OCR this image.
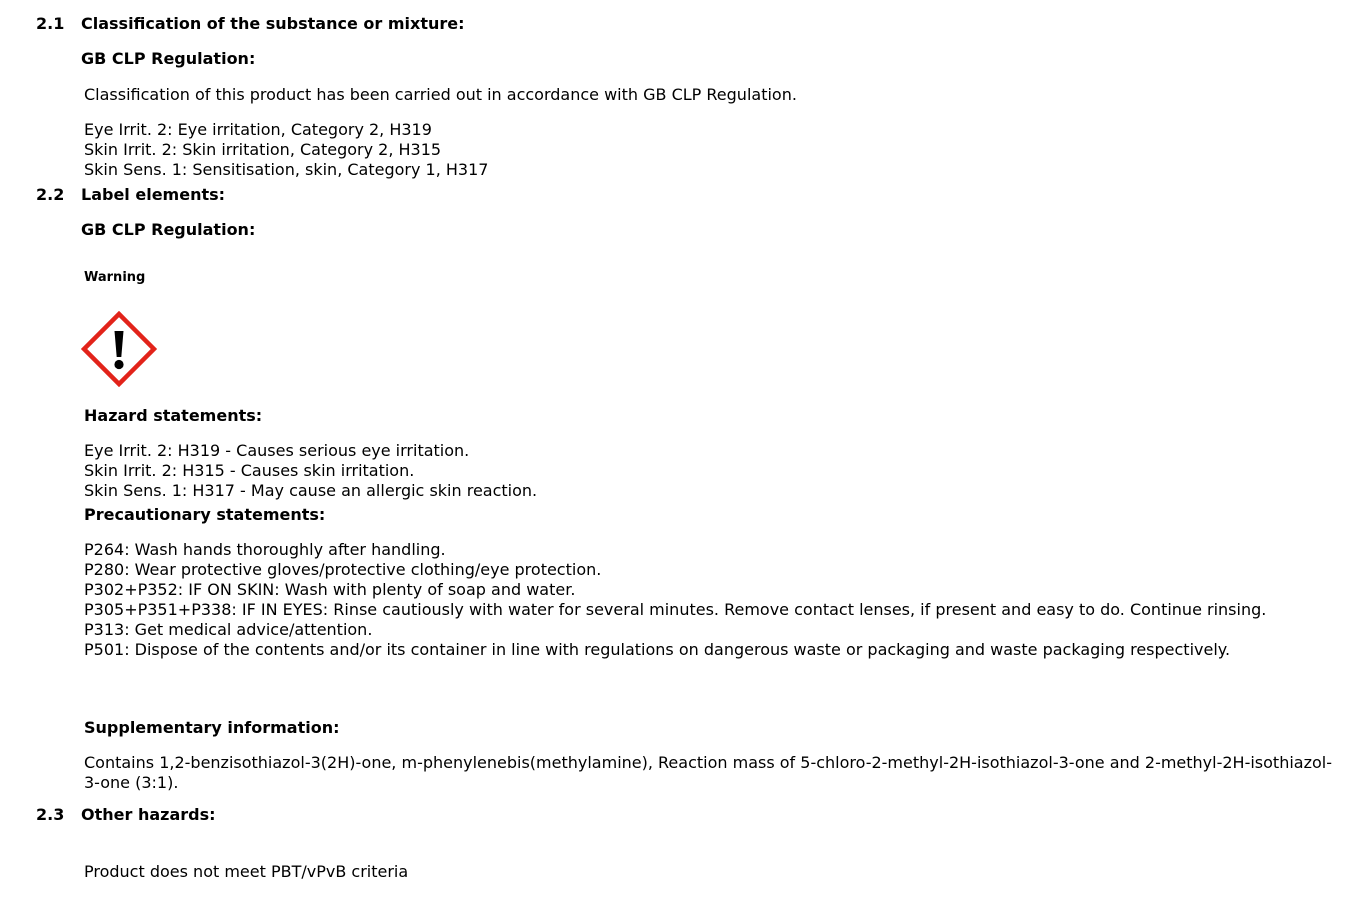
2.1 Classification of the substance or mixture:
GB CLP Regulation:
Classification of this product has been carried out in accordance with GB CLP Regulation.
Eye Irrit. 2: Eye irritation, Category 2, H319
Skin Irrit. 2: Skin irritation, Category 2, H315
Skin Sens. 1: Sensitisation, skin, Category 1, H317
2.2 Label elements:
GB CLP Regulation:
Warning
Hazard statements:
Eye Irrit. 2: H319 - Causes serious eye irritation.
Skin Irrit. 2: H315 - Causes skin irritation.
Skin Sens. 1: H317 - May cause an allergic skin reaction.
Precautionary statements:
P264: Wash hands thoroughly after handling.
P280: Wear protective gloves/protective clothing/eye protection.
P302+P352: IF ON SKIN: Wash with plenty of soap and water.
P305+P351+P338: IF IN EYES: Rinse cautiously with water for several minutes. Remove contact lenses, if present and easy to do. Continue rinsing.
P313: Get medical advice/attention.
P501: Dispose of the contents and/or its container in line with regulations on dangerous waste or packaging and waste packaging respectively.
Supplementary information:
Contains 1,2-benzisothiazol-3(2H)-one, m-phenylenebis(methylamine), Reaction mass of 5-chloro-2-methyl-2H-isothiazol-3-one and 2-methyl-2H-isothiazol-3-one (3:1).
2.3 Other hazards:
Product does not meet PBT/vPvB criteria
